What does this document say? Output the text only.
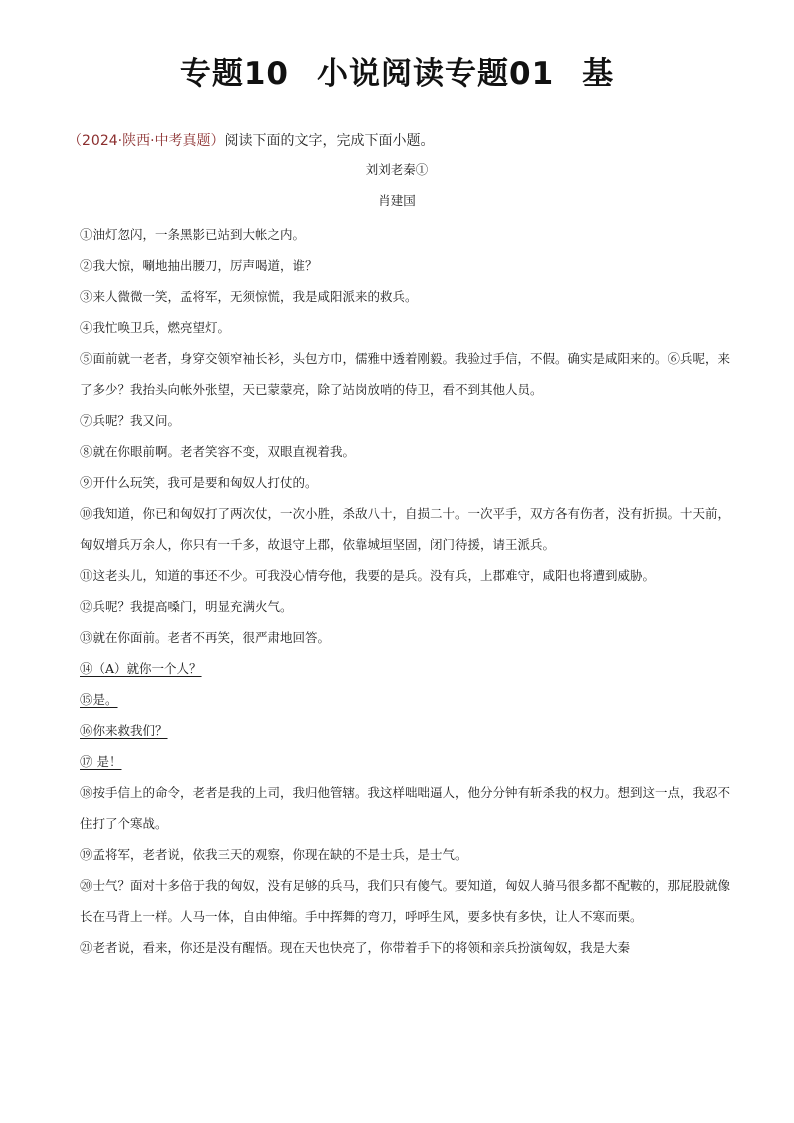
专题10 小说阅读专题01 基
（2024·陕西·中考真题）阅读下面的文字，完成下面小题。
刘刘老秦①
肖建国

①油灯忽闪，一条黑影已站到大帐之内。

②我大惊，唰地抽出腰刀，厉声喝道，谁？

③来人微微一笑，孟将军，无须惊慌，我是咸阳派来的救兵。

④我忙唤卫兵，燃亮望灯。

⑤面前就一老者，身穿交领窄袖长衫，头包方巾，儒雅中透着刚毅。我验过手信，不假。确实是咸阳来的。⑥兵呢，来了多少？我抬头向帐外张望，天已蒙蒙亮，除了站岗放哨的侍卫，看不到其他人员。

⑦兵呢？我又问。

⑧就在你眼前啊。老者笑容不变，双眼直视着我。

⑨开什么玩笑，我可是要和匈奴人打仗的。

⑩我知道，你已和匈奴打了两次仗，一次小胜，杀敌八十，自损二十。一次平手，双方各有伤者，没有折损。十天前，匈奴增兵万余人，你只有一千多，故退守上郡，依靠城垣坚固，闭门待援，请王派兵。

⑪这老头儿，知道的事还不少。可我没心情夸他，我要的是兵。没有兵，上郡难守，咸阳也将遭到威胁。

⑫兵呢？我提高嗓门，明显充满火气。

⑬就在你面前。老者不再笑，很严肃地回答。

⑭（A）就你一个人？

⑮是。

⑯你来救我们？

⑰ 是！

⑱按手信上的命令，老者是我的上司，我归他管辖。我这样咄咄逼人，他分分钟有斩杀我的权力。想到这一点，我忍不住打了个寒战。

⑲孟将军，老者说，依我三天的观察，你现在缺的不是士兵，是士气。

⑳士气？面对十多倍于我的匈奴，没有足够的兵马，我们只有傻气。要知道，匈奴人骑马很多都不配鞍的，那屁股就像长在马背上一样。人马一体，自由伸缩。手中挥舞的弯刀，呼呼生风，要多快有多快，让人不寒而栗。

㉑老者说，看来，你还是没有醒悟。现在天也快亮了，你带着手下的将领和亲兵扮演匈奴，我是大秦
